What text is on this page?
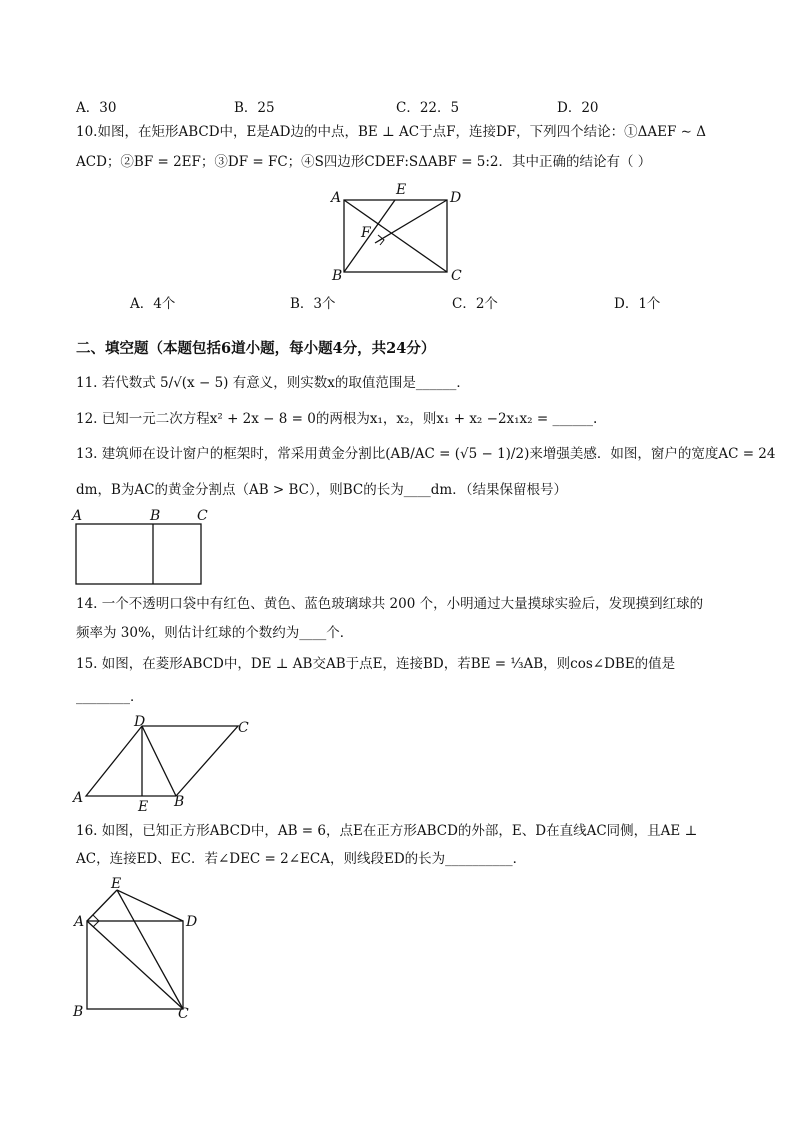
A．30	B．25	C．22．5	D．20
10.如图，在矩形ABCD中，E是AD边的中点，BE ⊥ AC于点F，连接DF，下列四个结论：①ΔAEF ∼ Δ
ACD；②BF = 2EF；③DF = FC；④S四边形CDEF:SΔABF = 5:2．其中正确的结论有（ ）
A	E	D
F
B	C
A．4个	B．3个	C．2个	D．1个
二、填空题（本题包括6道小题，每小题4分，共24分）
11. 若代数式 5/√(x − 5) 有意义，则实数x的取值范围是______．
12. 已知一元二次方程x² + 2x − 8 = 0的两根为x₁，x₂，则x₁ + x₂ −2x₁x₂ = ______.
13. 建筑师在设计窗户的框架时，常采用黄金分割比(AB/AC = (√5 − 1)/2)来增强美感．如图，窗户的宽度AC = 24
dm，B为AC的黄金分割点（AB > BC），则BC的长为____dm．（结果保留根号）
A	B	C
14. 一个不透明口袋中有红色、黄色、蓝色玻璃球共 200 个，小明通过大量摸球实验后，发现摸到红球的
频率为 30%，则估计红球的个数约为____个．
15. 如图，在菱形ABCD中，DE ⊥ AB交AB于点E，连接BD，若BE = ⅓AB，则cos∠DBE的值是
________．
D	C
A
E B
16. 如图，已知正方形ABCD中，AB = 6，点E在正方形ABCD的外部，E、D在直线AC同侧，且AE ⊥
AC，连接ED、EC．若∠DEC = 2∠ECA，则线段ED的长为__________．
E
A	D
B	C
